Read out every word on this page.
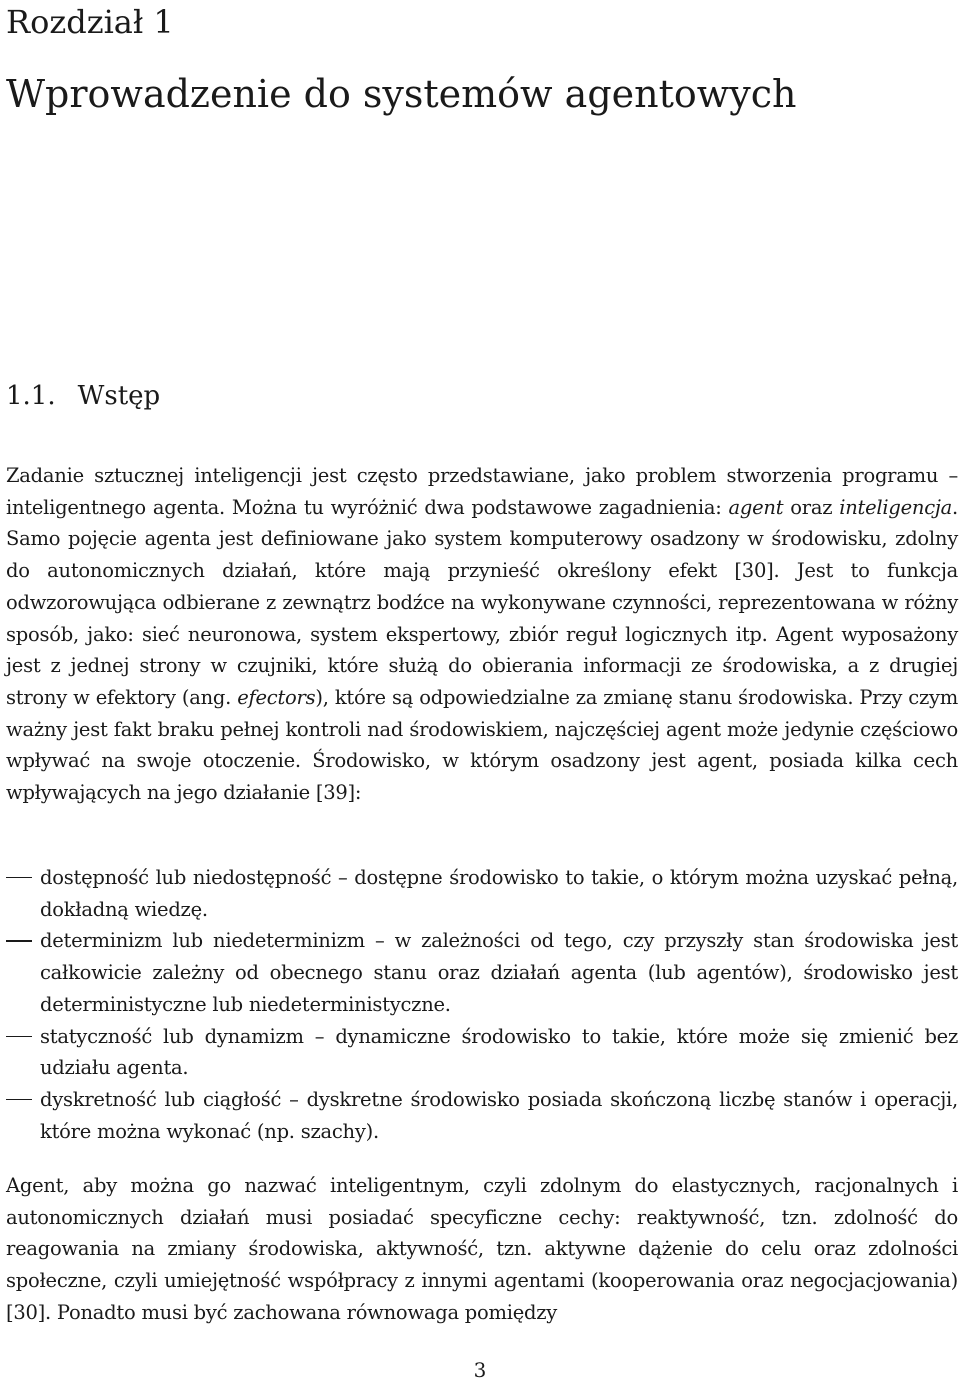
Rozdział 1
Wprowadzenie do systemów agentowych
1.1. Wstęp

Zadanie sztucznej inteligencji jest często przedstawiane, jako problem stworzenia programu – inteligentnego agenta. Można tu wyróżnić dwa podstawowe zagadnienia: agent oraz inteligencja. Samo pojęcie agenta jest definiowane jako system komputerowy osadzony w środowisku, zdolny do autonomicznych działań, które mają przynieść określony efekt [30]. Jest to funkcja odwzorowująca odbierane z zewnątrz bodźce na wykonywane czynności, reprezentowana w różny sposób, jako: sieć neuronowa, system ekspertowy, zbiór reguł logicznych itp. Agent wyposażony jest z jednej strony w czujniki, które służą do obierania informacji ze środowiska, a z drugiej strony w efektory (ang. efectors), które są odpowiedzialne za zmianę stanu środowiska. Przy czym ważny jest fakt braku pełnej kontroli nad środowiskiem, najczęściej agent może jedynie częściowo wpływać na swoje otoczenie. Środowisko, w którym osadzony jest agent, posiada kilka cech wpływających na jego działanie [39]:

dostępność lub niedostępność – dostępne środowisko to takie, o którym można uzyskać pełną, dokładną wiedzę.
determinizm lub niedeterminizm – w zależności od tego, czy przyszły stan środowiska jest całkowicie zależny od obecnego stanu oraz działań agenta (lub agentów), środowisko jest deterministyczne lub niedeterministyczne.
statyczność lub dynamizm – dynamiczne środowisko to takie, które może się zmienić bez udziału agenta.
dyskretność lub ciągłość – dyskretne środowisko posiada skończoną liczbę stanów i operacji, które można wykonać (np. szachy).

Agent, aby można go nazwać inteligentnym, czyli zdolnym do elastycznych, racjonalnych i autonomicznych działań musi posiadać specyficzne cechy: reaktywność, tzn. zdolność do reagowania na zmiany środowiska, aktywność, tzn. aktywne dążenie do celu oraz zdolności społeczne, czyli umiejętność współpracy z innymi agentami (kooperowania oraz negocjacjowania) [30]. Ponadto musi być zachowana równowaga pomiędzy

3
